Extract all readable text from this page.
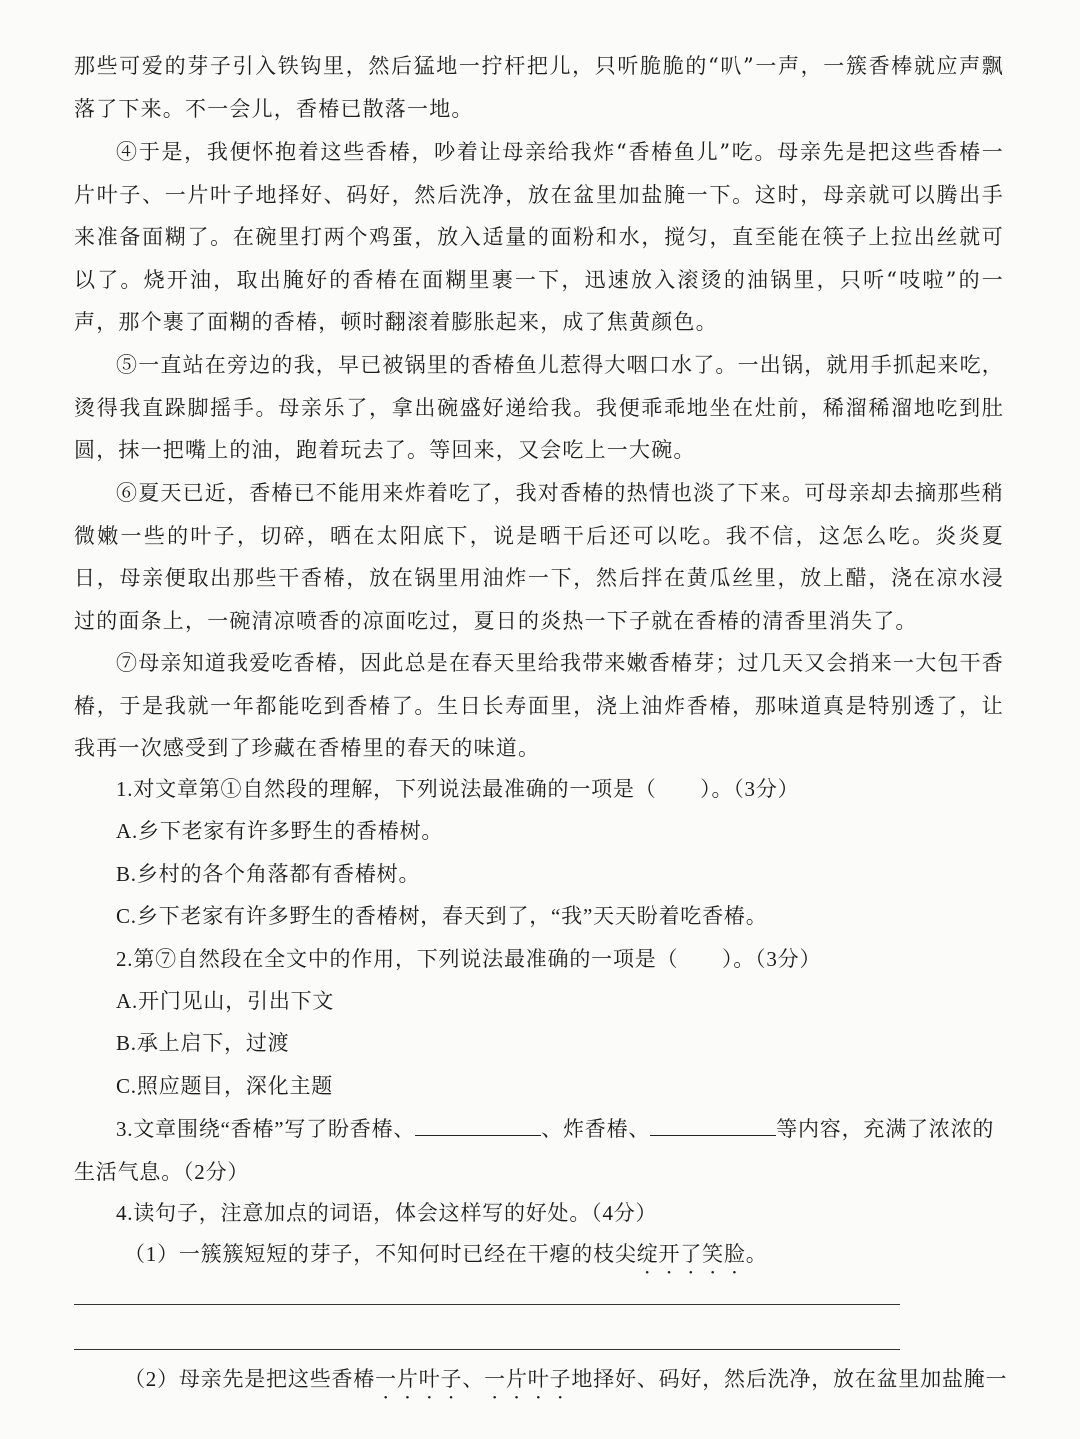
那些可爱的芽子引入铁钩里，然后猛地一拧杆把儿，只听脆脆的“叭”一声，一簇香棒就应声飘落了下来。不一会儿，香椿已散落一地。

④于是，我便怀抱着这些香椿，吵着让母亲给我炸“香椿鱼儿”吃。母亲先是把这些香椿一片叶子、一片叶子地择好、码好，然后洗净，放在盆里加盐腌一下。这时，母亲就可以腾出手来准备面糊了。在碗里打两个鸡蛋，放入适量的面粉和水，搅匀，直至能在筷子上拉出丝就可以了。烧开油，取出腌好的香椿在面糊里裹一下，迅速放入滚烫的油锅里，只听“吱啦”的一声，那个裹了面糊的香椿，顿时翻滚着膨胀起来，成了焦黄颜色。

⑤一直站在旁边的我，早已被锅里的香椿鱼儿惹得大咽口水了。一出锅，就用手抓起来吃，烫得我直跺脚摇手。母亲乐了，拿出碗盛好递给我。我便乖乖地坐在灶前，稀溜稀溜地吃到肚圆，抹一把嘴上的油，跑着玩去了。等回来，又会吃上一大碗。

⑥夏天已近，香椿已不能用来炸着吃了，我对香椿的热情也淡了下来。可母亲却去摘那些稍微嫩一些的叶子，切碎，晒在太阳底下，说是晒干后还可以吃。我不信，这怎么吃。炎炎夏日，母亲便取出那些干香椿，放在锅里用油炸一下，然后拌在黄瓜丝里，放上醋，浇在凉水浸过的面条上，一碗清凉喷香的凉面吃过，夏日的炎热一下子就在香椿的清香里消失了。

⑦母亲知道我爱吃香椿，因此总是在春天里给我带来嫩香椿芽；过几天又会捎来一大包干香椿，于是我就一年都能吃到香椿了。生日长寿面里，浇上油炸香椿，那味道真是特别透了，让我再一次感受到了珍藏在香椿里的春天的味道。

1.对文章第①自然段的理解，下列说法最准确的一项是（　　）。（3分）
A.乡下老家有许多野生的香椿树。
B.乡村的各个角落都有香椿树。
C.乡下老家有许多野生的香椿树，春天到了，“我”天天盼着吃香椿。
2.第⑦自然段在全文中的作用，下列说法最准确的一项是（　　）。（3分）
A.开门见山，引出下文
B.承上启下，过渡
C.照应题目，深化主题

3.文章围绕“香椿”写了盼香椿、	、炸香椿、	等内容，充满了浓浓的生活气息。（2分）

4.读句子，注意加点的词语，体会这样写的好处。（4分）
（1）一簇簇短短的芽子，不知何时已经在干瘪的枝尖绽开了笑脸。
（2）母亲先是把这些香椿一片叶子、一片叶子地择好、码好，然后洗净，放在盆里加盐腌一
